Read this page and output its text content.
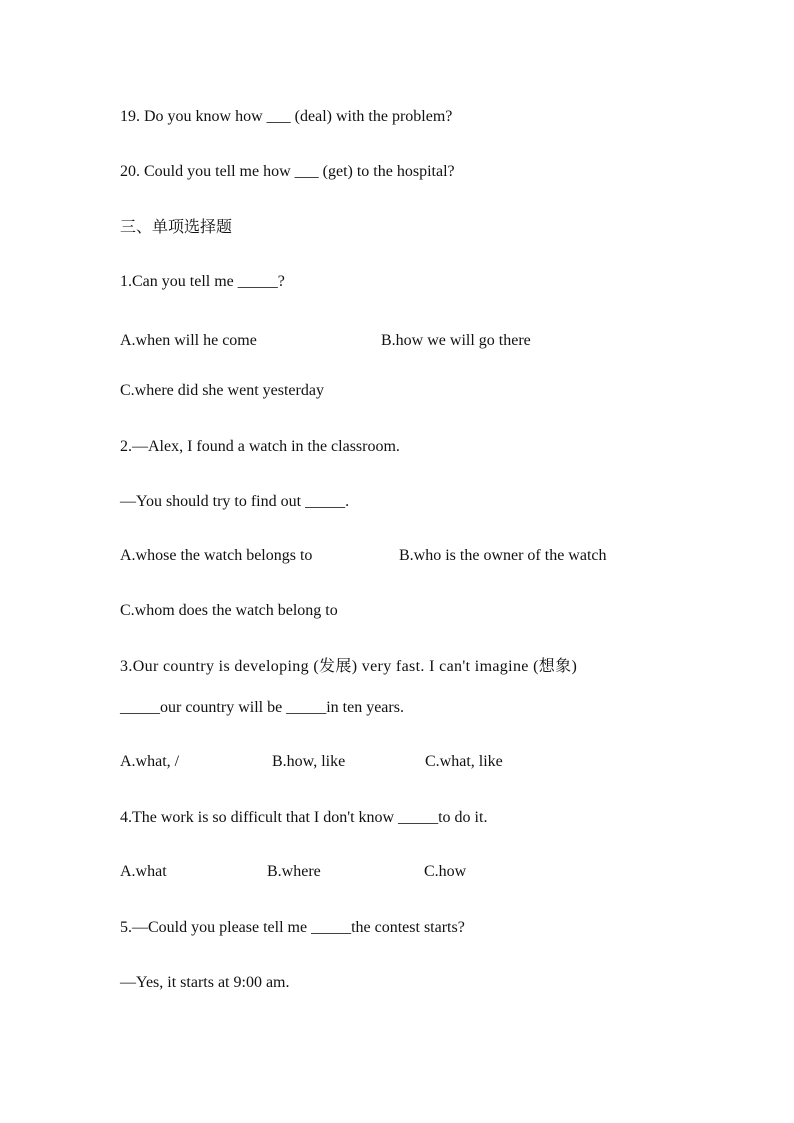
19. Do you know how ___ (deal) with the problem?
20. Could you tell me how ___ (get) to the hospital?
三、单项选择题
1.Can you tell me _____?
A.when will he come	B.how we will go there
C.where did she went yesterday
2.—Alex, I found a watch in the classroom.
—You should try to find out _____.
A.whose the watch belongs to	B.who is the owner of the watch
C.whom does the watch belong to
3.Our country is developing (发展) very fast. I can't imagine (想象)
_____our country will be _____in ten years.
A.what, /	B.how, like	C.what, like
4.The work is so difficult that I don't know _____to do it.
A.what	B.where	C.how
5.—Could you please tell me _____the contest starts?
—Yes, it starts at 9:00 am.
